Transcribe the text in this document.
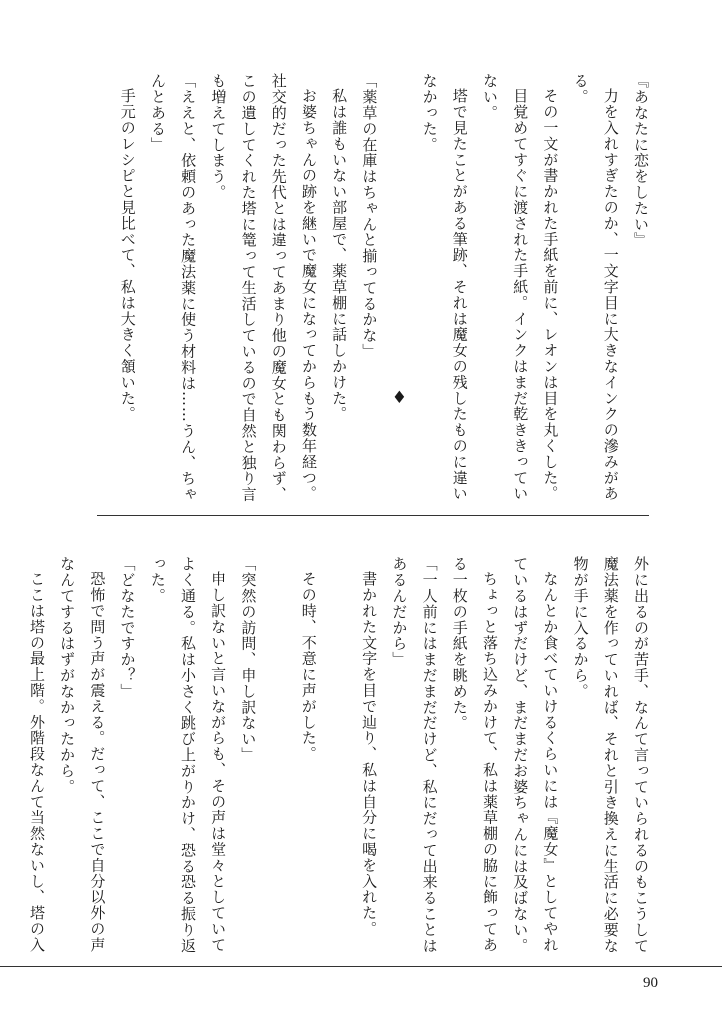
『あなたに恋をしたい』

力を入れすぎたのか、一文字目に大きなインクの滲みがある。

その一文が書かれた手紙を前に、レオンは目を丸くした。

目覚めてすぐに渡された手紙。インクはまだ乾ききっていない。

塔で見たことがある筆跡、それは魔女の残したものに違いなかった。

♦

「薬草の在庫はちゃんと揃ってるかな」

私は誰もいない部屋で、薬草棚に話しかけた。

お婆ちゃんの跡を継いで魔女になってからもう数年経つ。社交的だった先代とは違ってあまり他の魔女とも関わらず、この遺してくれた塔に篭って生活しているので自然と独り言も増えてしまう。

「ええと、依頼のあった魔法薬に使う材料は……うん、ちゃんとある」

手元のレシピと見比べて、私は大きく頷いた。

外に出るのが苦手、なんて言っていられるのもこうして魔法薬を作っていれば、それと引き換えに生活に必要な物が手に入るから。

なんとか食べていけるくらいには『魔女』としてやれているはずだけど、まだまだお婆ちゃんには及ばない。

ちょっと落ち込みかけて、私は薬草棚の脇に飾ってある一枚の手紙を眺めた。

「一人前にはまだまだだけど、私にだって出来ることはあるんだから」

書かれた文字を目で辿り、私は自分に喝を入れた。

その時、不意に声がした。

「突然の訪問、申し訳ない」

申し訳ないと言いながらも、その声は堂々としていてよく通る。私は小さく跳び上がりかけ、恐る恐る振り返った。

「どなたですか？」

恐怖で問う声が震える。だって、ここで自分以外の声なんてするはずがなかったから。

ここは塔の最上階。外階段なんて当然ないし、塔の入

90
